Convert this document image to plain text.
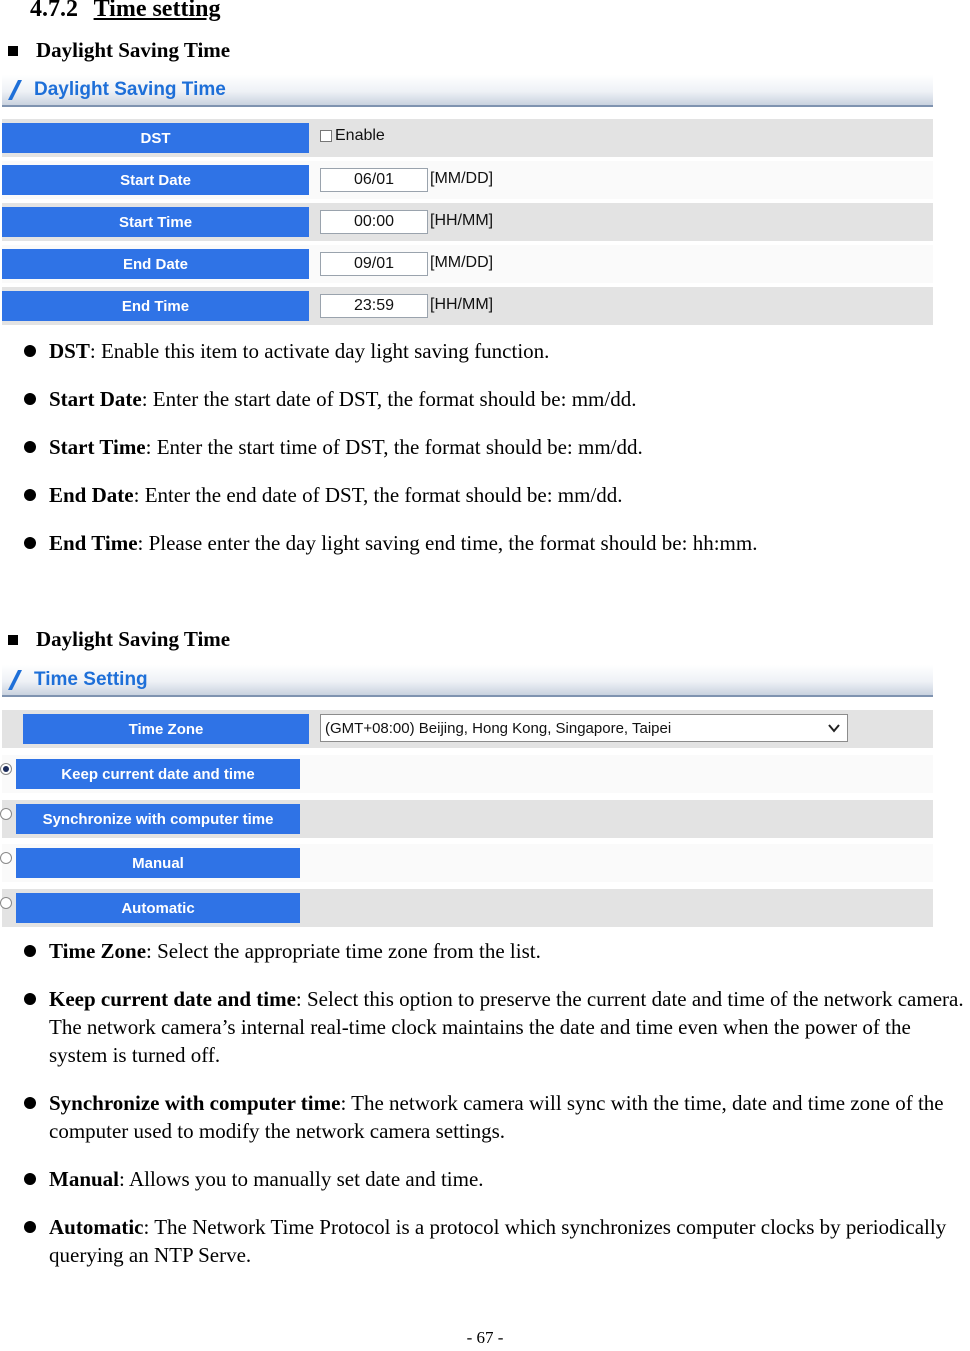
4.7.2 Time setting
Daylight Saving Time
Daylight Saving Time
DST	Enable
Start Date	06/01	[MM/DD]
Start Time	00:00	[HH/MM]
End Date	09/01	[MM/DD]
End Time	23:59	[HH/MM]
DST: Enable this item to activate day light saving function.
Start Date: Enter the start date of DST, the format should be: mm/dd.
Start Time: Enter the start time of DST, the format should be: mm/dd.
End Date: Enter the end date of DST, the format should be: mm/dd.
End Time: Please enter the day light saving end time, the format should be: hh:mm.
Daylight Saving Time
Time Setting
Time Zone	(GMT+08:00) Beijing, Hong Kong, Singapore, Taipei
Keep current date and time
Synchronize with computer time
Manual
Automatic
Time Zone: Select the appropriate time zone from the list.
Keep current date and time: Select this option to preserve the current date and time of the network camera. The network camera’s internal real-time clock maintains the date and time even when the power of the system is turned off.
Synchronize with computer time: The network camera will sync with the time, date and time zone of the computer used to modify the network camera settings.
Manual: Allows you to manually set date and time.
Automatic: The Network Time Protocol is a protocol which synchronizes computer clocks by periodically querying an NTP Serve.
- 67 -
